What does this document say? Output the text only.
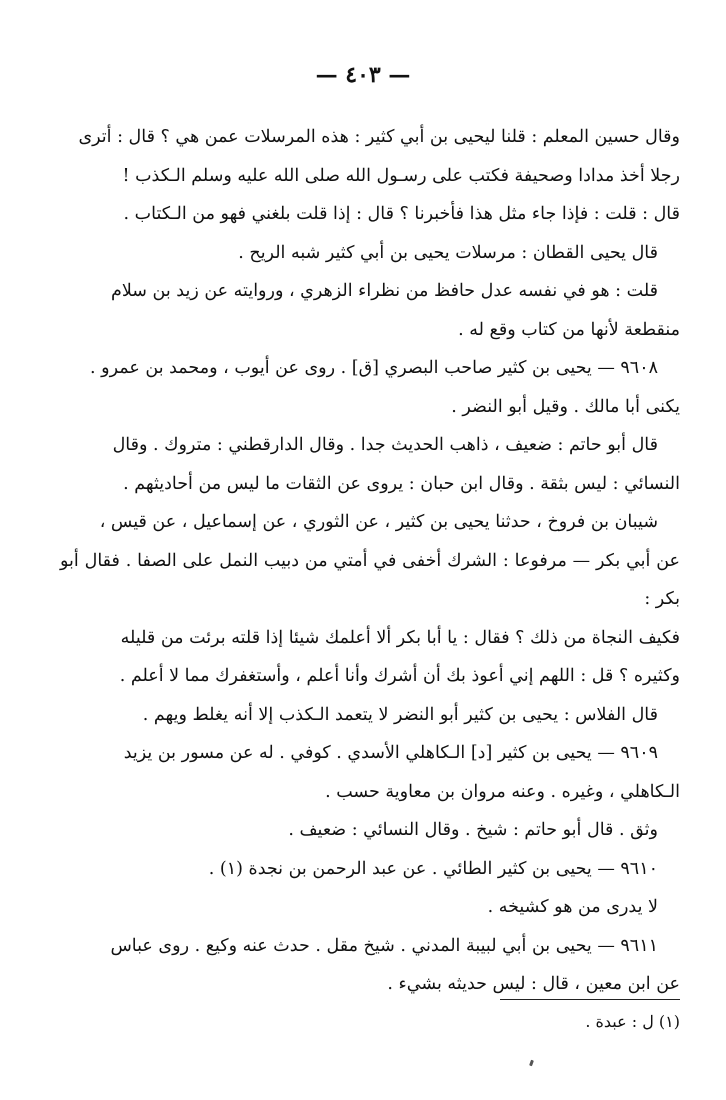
— ٤٠٣ —

وقال حسين المعلم : قلنا ليحيى بن أبي كثير : هذه المرسلات عمن هي ؟ قال : أترى

رجلا أخذ مدادا وصحيفة فكتب على رسـول الله صلى الله عليه وسلم الـكذب !

قال : قلت : فإذا جاء مثل هذا فأخبرنا ؟ قال : إذا قلت بلغني فهو من الـكتاب .

قال يحيى القطان : مرسلات يحيى بن أبي كثير شبه الريح .

قلت : هو في نفسه عدل حافظ من نظراء الزهري ، وروايته عن زيد بن سلام

منقطعة لأنها من كتاب وقع له .

٩٦٠٨ — يحيى بن كثير صاحب البصري [ق] . روى عن أيوب ، ومحمد بن عمرو .

يكنى أبا مالك . وقيل أبو النضر .

قال أبو حاتم : ضعيف ، ذاهب الحديث جدا . وقال الدارقطني : متروك . وقال

النسائي : ليس بثقة . وقال ابن حبان : يروى عن الثقات ما ليس من أحاديثهم .

شيبان بن فروخ ، حدثنا يحيى بن كثير ، عن الثوري ، عن إسماعيل ، عن قيس ،

عن أبي بكر — مرفوعا : الشرك أخفى في أمتي من دبيب النمل على الصفا . فقال أبو بكر :

فكيف النجاة من ذلك ؟ فقال : يا أبا بكر ألا أعلمك شيئا إذا قلته برئت من قليله

وكثيره ؟ قل : اللهم إني أعوذ بك أن أشرك وأنا أعلم ، وأستغفرك مما لا أعلم .

قال الفلاس : يحيى بن كثير أبو النضر لا يتعمد الـكذب إلا أنه يغلط ويهم .

٩٦٠٩ — يحيى بن كثير [د] الـكاهلي الأسدي . كوفي . له عن مسور بن يزيد

الـكاهلي ، وغيره . وعنه مروان بن معاوية حسب .

وثق . قال أبو حاتم : شيخ . وقال النسائي : ضعيف .

٩٦١٠ — يحيى بن كثير الطائي . عن عبد الرحمن بن نجدة (١) .

لا يدرى من هو كشيخه .

٩٦١١ — يحيى بن أبي لبيبة المدني . شيخ مقل . حدث عنه وكيع . روى عباس

عن ابن معين ، قال : ليس حديثه بشيء .

(١) ل : عبدة .
